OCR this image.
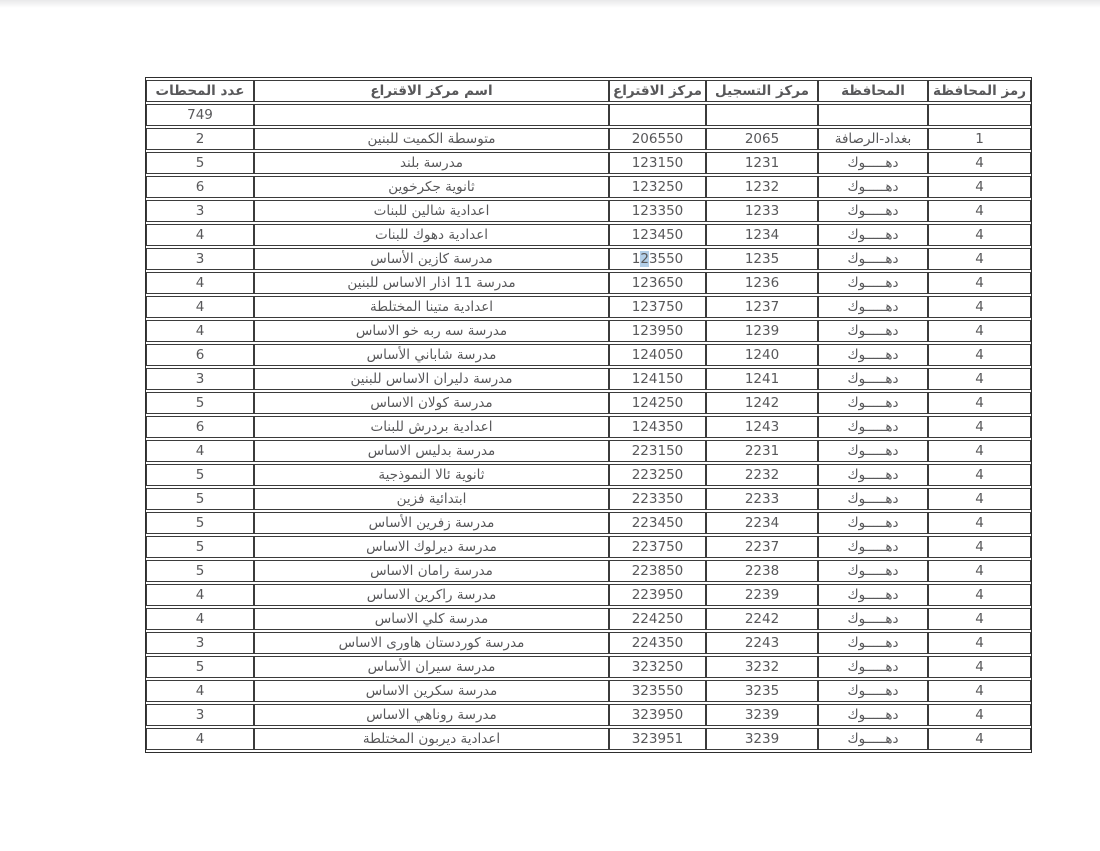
رمز المحافظة	المحافظة	مركز التسجيل	مركز الاقتراع	اسم مركز الاقتراع	عدد المحطات
					749
1	بغداد-الرصافة	2065	206550	متوسطة الكميت للبنين	2
4	دهـــــوك	1231	123150	مدرسة بلند	5
4	دهـــــوك	1232	123250	ثانوية جكرخوين	6
4	دهـــــوك	1233	123350	اعدادية شالين للبنات	3
4	دهـــــوك	1234	123450	اعدادية دهوك للبنات	4
4	دهـــــوك	1235	123550	مدرسة كازين الأساس	3
4	دهـــــوك	1236	123650	مدرسة 11 اذار الاساس للبنين	4
4	دهـــــوك	1237	123750	اعدادية متينا المختلطة	4
4	دهـــــوك	1239	123950	مدرسة سه ربه خو الاساس	4
4	دهـــــوك	1240	124050	مدرسة شاباني الأساس	6
4	دهـــــوك	1241	124150	مدرسة دليران الاساس للبنين	3
4	دهـــــوك	1242	124250	مدرسة كولان الاساس	5
4	دهـــــوك	1243	124350	اعدادية بردرش للبنات	6
4	دهـــــوك	2231	223150	مدرسة بدليس الاساس	4
4	دهـــــوك	2232	223250	ثانوية ئالا النموذجية	5
4	دهـــــوك	2233	223350	ابتدائية فزين	5
4	دهـــــوك	2234	223450	مدرسة زفرين الأساس	5
4	دهـــــوك	2237	223750	مدرسة ديرلوك الاساس	5
4	دهـــــوك	2238	223850	مدرسة رامان الاساس	5
4	دهـــــوك	2239	223950	مدرسة راكرين الاساس	4
4	دهـــــوك	2242	224250	مدرسة كلي الاساس	4
4	دهـــــوك	2243	224350	مدرسة كوردستان هاورى الاساس	3
4	دهـــــوك	3232	323250	مدرسة سيران الأساس	5
4	دهـــــوك	3235	323550	مدرسة سكرين الاساس	4
4	دهـــــوك	3239	323950	مدرسة روناهي الاساس	3
4	دهـــــوك	3239	323951	اعدادية ديربون المختلطة	4
